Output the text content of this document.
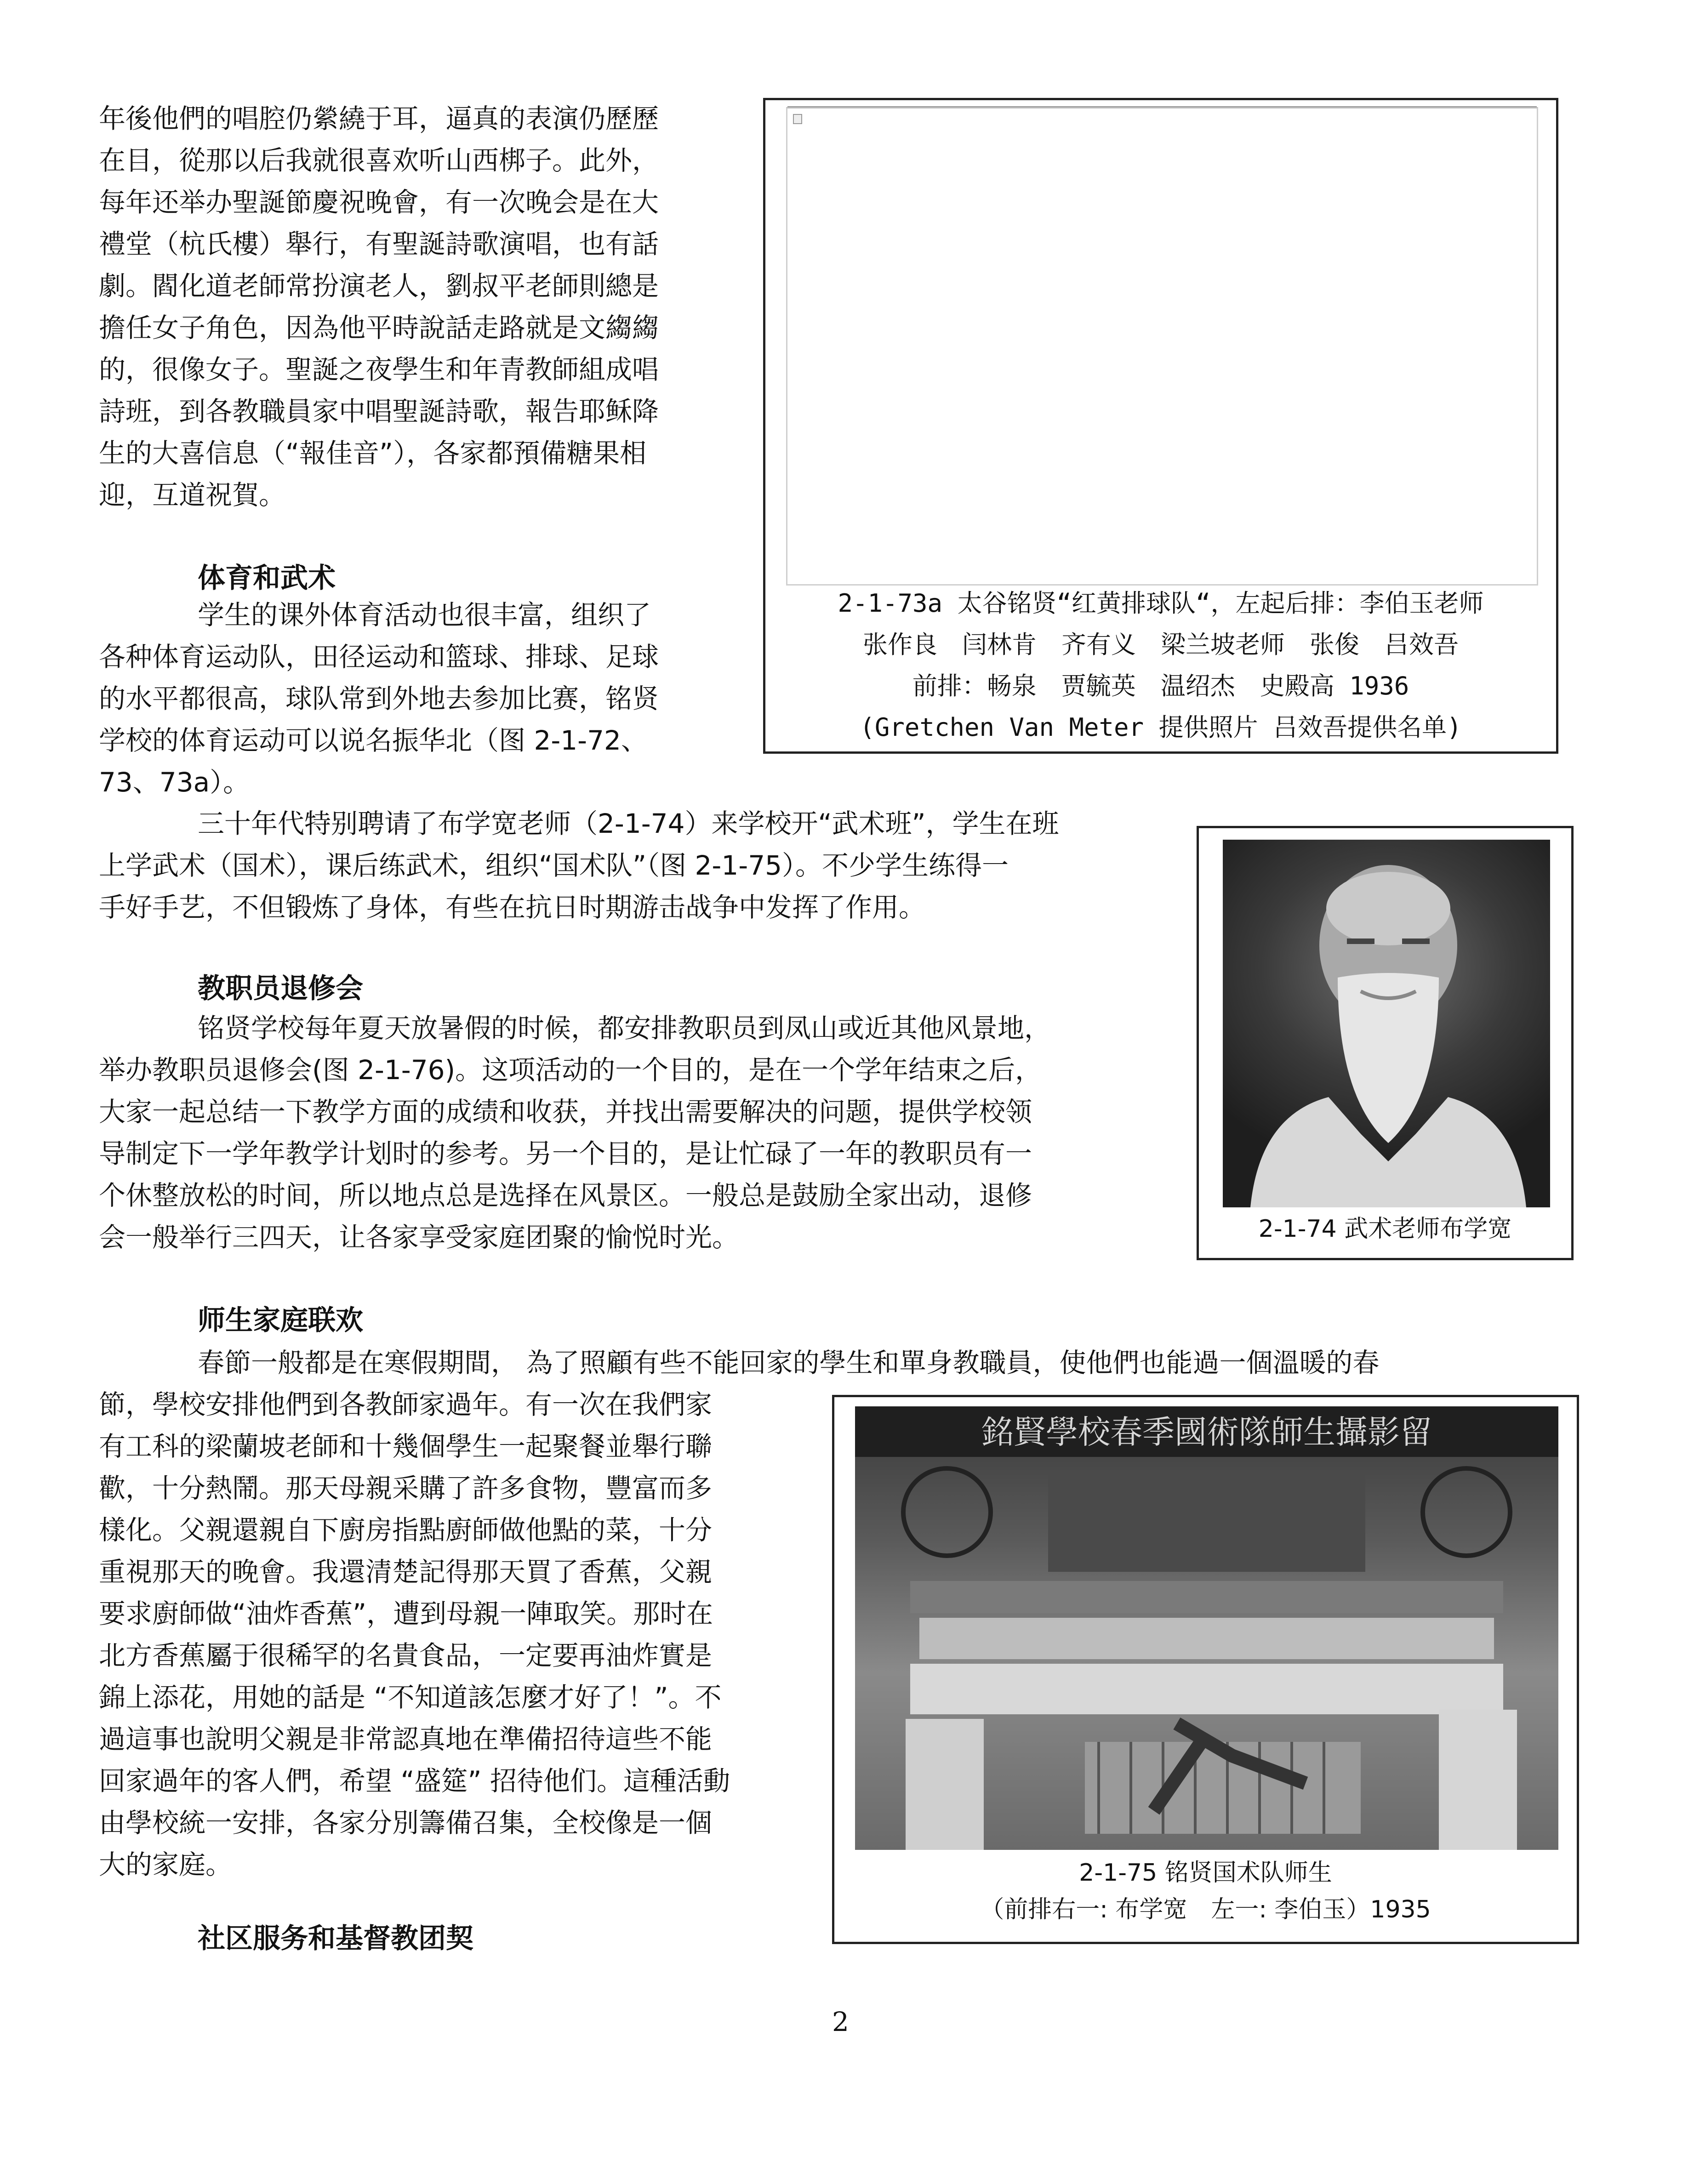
年後他們的唱腔仍縈繞于耳，逼真的表演仍歷歷
在目，從那以后我就很喜欢听山西梆子。此外，
每年还举办聖誕節慶祝晚會，有一次晚会是在大
禮堂（杭氏樓）舉行，有聖誕詩歌演唱，也有話
劇。閻化道老師常扮演老人，劉叔平老師則總是
擔任女子角色，因為他平時說話走路就是文縐縐
的，很像女子。聖誕之夜學生和年青教師組成唱
詩班，到各教職員家中唱聖誕詩歌，報告耶稣降
生的大喜信息（“報佳音”），各家都預備糖果相
迎，互道祝賀。
2-1-73a 太谷铭贤“红黄排球队“，左起后排：李伯玉老师
张作良　闫林肯　齐有义　梁兰坡老师　张俊　吕效吾
前排：畅泉　贾毓英　温绍杰　史殿高 1936
(Gretchen Van Meter 提供照片 吕效吾提供名单)
体育和武术
学生的课外体育活动也很丰富，组织了
各种体育运动队，田径运动和篮球、排球、足球
的水平都很高，球队常到外地去参加比赛，铭贤
学校的体育运动可以说名振华北（图 2-1-72、
73、73a）。
三十年代特别聘请了布学宽老师（2-1-74）来学校开“武术班”，学生在班
上学武术（国术），课后练武术，组织“国术队”（图 2-1-75）。不少学生练得一
手好手艺，不但锻炼了身体，有些在抗日时期游击战争中发挥了作用。
2-1-74 武术老师布学宽
教职员退修会
铭贤学校每年夏天放暑假的时候，都安排教职员到凤山或近其他风景地，
举办教职员退修会(图 2-1-76)。这项活动的一个目的，是在一个学年结束之后，
大家一起总结一下教学方面的成绩和收获，并找出需要解决的问题，提供学校领
导制定下一学年教学计划时的参考。另一个目的，是让忙碌了一年的教职员有一
个休整放松的时间，所以地点总是选择在风景区。一般总是鼓励全家出动，退修
会一般举行三四天，让各家享受家庭团聚的愉悦时光。
师生家庭联欢
春節一般都是在寒假期間， 為了照顧有些不能回家的學生和單身教職員，使他們也能過一個溫暖的春
節，學校安排他們到各教師家過年。有一次在我們家
有工科的梁蘭坡老師和十幾個學生一起聚餐並舉行聯
歡，十分熱鬧。那天母親采購了許多食物，豐富而多
樣化。父親還親自下廚房指點廚師做他點的菜，十分
重視那天的晚會。我還清楚記得那天買了香蕉，父親
要求廚師做“油炸香蕉”，遭到母親一陣取笑。那时在
北方香蕉屬于很稀罕的名貴食品，一定要再油炸實是
錦上添花，用她的話是 “不知道該怎麼才好了！”。不
過這事也說明父親是非常認真地在準備招待這些不能
回家過年的客人們，希望 “盛筵” 招待他们。這種活動
由學校統一安排，各家分別籌備召集，全校像是一個
大的家庭。
銘賢學校春季國術隊師生攝影留
2-1-75 铭贤国术队师生
（前排右一: 布学宽　左一: 李伯玉）1935
社区服务和基督教团契
2
